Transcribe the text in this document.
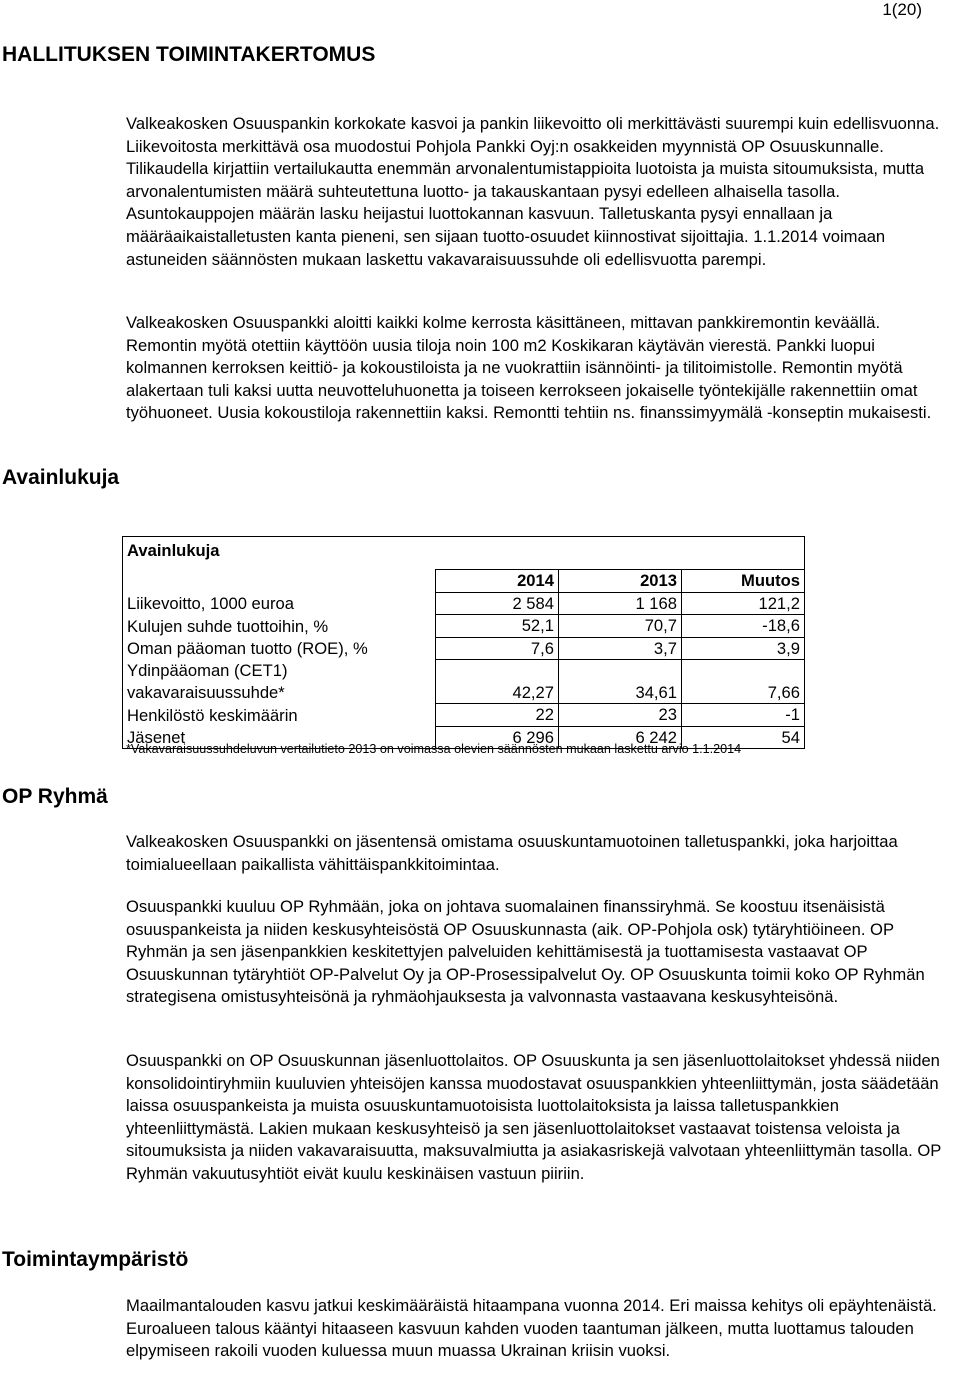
1(20)
HALLITUKSEN TOIMINTAKERTOMUS

Valkeakosken Osuuspankin korkokate kasvoi ja pankin liikevoitto oli merkittävästi suurempi kuin edellisvuonna. Liikevoitosta merkittävä osa muodostui Pohjola Pankki Oyj:n osakkeiden myynnistä OP Osuuskunnalle. Tilikaudella kirjattiin vertailukautta enemmän arvonalentumistappioita luotoista ja muista sitoumuksista, mutta arvonalentumisten määrä suhteutettuna luotto- ja takauskantaan pysyi edelleen alhaisella tasolla. Asuntokauppojen määrän lasku heijastui luottokannan kasvuun. Talletuskanta pysyi ennallaan ja määräaikaistalletusten kanta pieneni, sen sijaan tuotto-osuudet kiinnostivat sijoittajia. 1.1.2014 voimaan astuneiden säännösten mukaan laskettu vakavaraisuussuhde oli edellisvuotta parempi.

Valkeakosken Osuuspankki aloitti kaikki kolme kerrosta käsittäneen, mittavan pankkiremontin keväällä. Remontin myötä otettiin käyttöön uusia tiloja noin 100 m2 Koskikaran käytävän vierestä. Pankki luopui kolmannen kerroksen keittiö- ja kokoustiloista ja ne vuokrattiin isännöinti- ja tilitoimistolle. Remontin myötä alakertaan tuli kaksi uutta neuvotteluhuonetta ja toiseen kerrokseen jokaiselle työntekijälle rakennettiin omat työhuoneet. Uusia kokoustiloja rakennettiin kaksi. Remontti tehtiin ns. finanssimyymälä -konseptin mukaisesti.

Avainlukuja
Avainlukuja			

	2014	2013	Muutos
Liikevoitto, 1000 euroa	2 584	1 168	121,2
Kulujen suhde tuottoihin, %	52,1	70,7	-18,6
Oman pääoman tuotto (ROE), %	7,6	3,7	3,9
Ydinpääoman (CET1)			
vakavaraisuussuhde*	42,27	34,61	7,66
Henkilöstö keskimäärin	22	23	-1
Jäsenet	6 296	6 242	54

*Vakavaraisuussuhdeluvun vertailutieto 2013 on voimassa olevien säännösten mukaan laskettu arvio 1.1.2014

OP Ryhmä

Valkeakosken Osuuspankki on jäsentensä omistama osuuskuntamuotoinen talletuspankki, joka harjoittaa toimialueellaan paikallista vähittäispankkitoimintaa.

Osuuspankki kuuluu OP Ryhmään, joka on johtava suomalainen finanssiryhmä. Se koostuu itsenäisistä osuuspankeista ja niiden keskusyhteisöstä OP Osuuskunnasta (aik. OP-Pohjola osk) tytäryhtiöineen. OP Ryhmän ja sen jäsenpankkien keskitettyjen palveluiden kehittämisestä ja tuottamisesta vastaavat OP Osuuskunnan tytäryhtiöt OP-Palvelut Oy ja OP-Prosessipalvelut Oy. OP Osuuskunta toimii koko OP Ryhmän strategisena omistusyhteisönä ja ryhmäohjauksesta ja valvonnasta vastaavana keskusyhteisönä.

Osuuspankki on OP Osuuskunnan jäsenluottolaitos. OP Osuuskunta ja sen jäsenluottolaitokset yhdessä niiden konsolidointiryhmiin kuuluvien yhteisöjen kanssa muodostavat osuuspankkien yhteenliittymän, josta säädetään laissa osuuspankeista ja muista osuuskuntamuotoisista luottolaitoksista ja laissa talletuspankkien yhteenliittymästä. Lakien mukaan keskusyhteisö ja sen jäsenluottolaitokset vastaavat toistensa veloista ja sitoumuksista ja niiden vakavaraisuutta, maksuvalmiutta ja asiakasriskejä valvotaan yhteenliittymän tasolla. OP Ryhmän vakuutusyhtiöt eivät kuulu keskinäisen vastuun piiriin.

Toimintaympäristö

Maailmantalouden kasvu jatkui keskimääräistä hitaampana vuonna 2014. Eri maissa kehitys oli epäyhtenäistä. Euroalueen talous kääntyi hitaaseen kasvuun kahden vuoden taantuman jälkeen, mutta luottamus talouden elpymiseen rakoili vuoden kuluessa muun muassa Ukrainan kriisin vuoksi.
